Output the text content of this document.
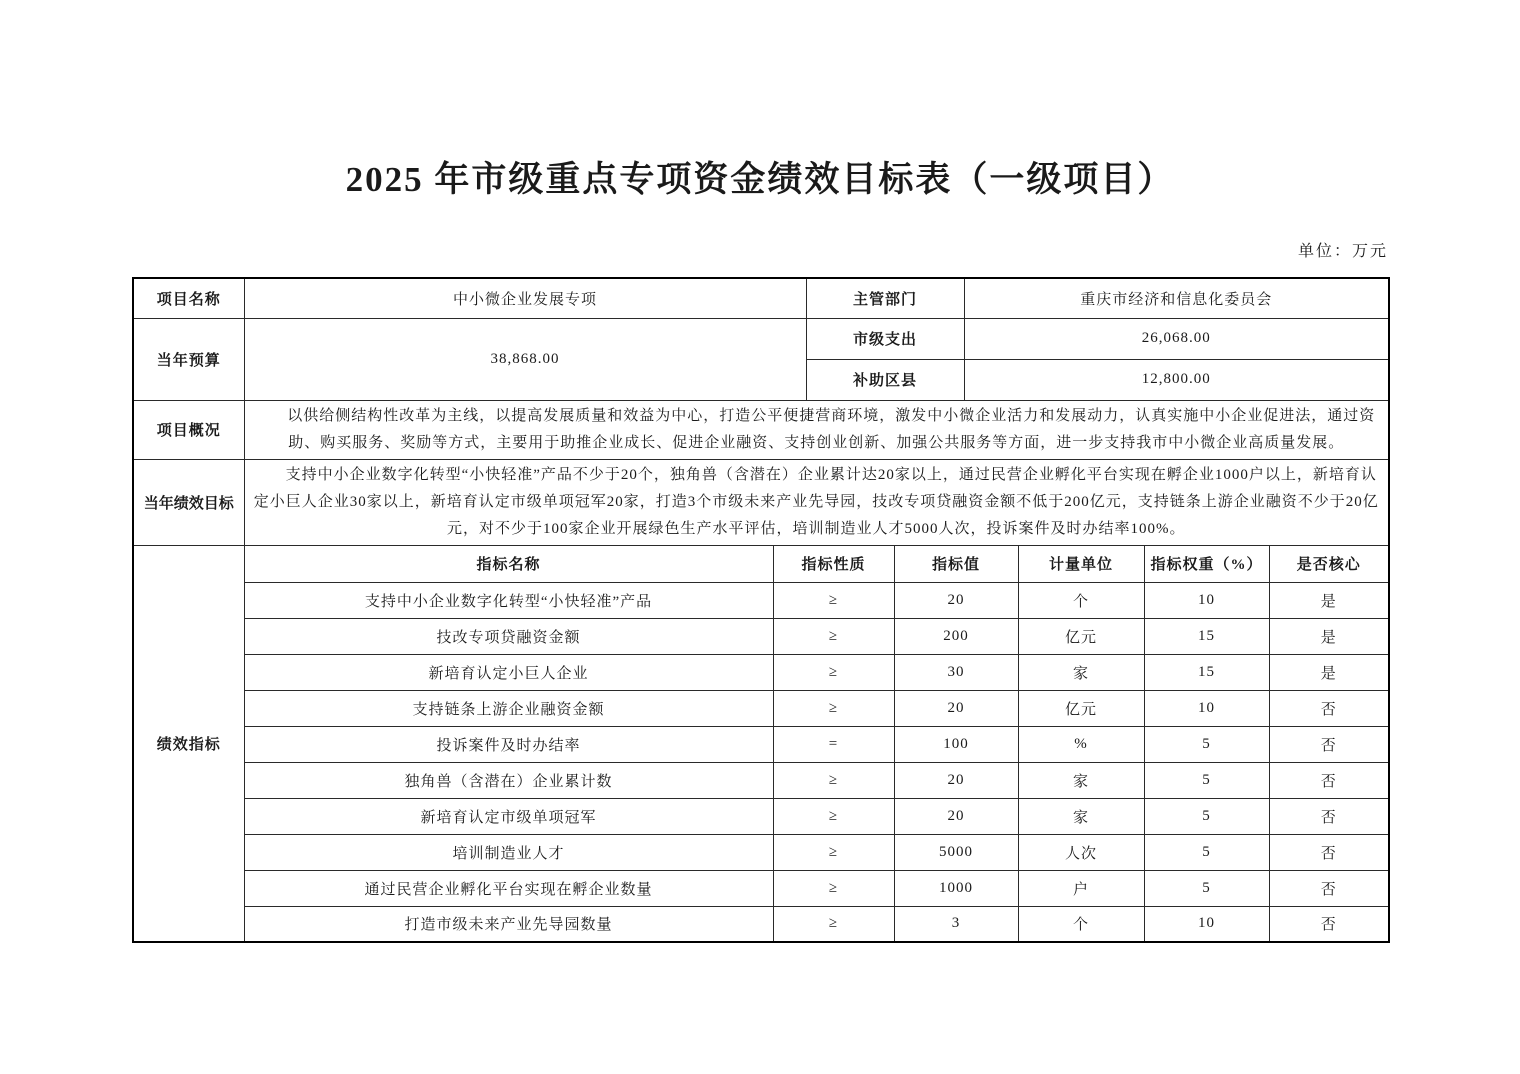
2025 年市级重点专项资金绩效目标表（一级项目）
单位：万元
项目名称	中小微企业发展专项		主管部门		重庆市经济和信息化委员会			
当年预算	38,868.00		市级支出		26,068.00			
			补助区县		12,800.00			
项目概况	以供给侧结构性改革为主线，以提高发展质量和效益为中心，打造公平便捷营商环境，激发中小微企业活力和发展动力，认真实施中小企业促进法，通过资助、购买服务、奖励等方式，主要用于助推企业成长、促进企业融资、支持创业创新、加强公共服务等方面，进一步支持我市中小微企业高质量发展。							
当年绩效目标	支持中小企业数字化转型“小快轻准”产品不少于20个，独角兽（含潜在）企业累计达20家以上，通过民营企业孵化平台实现在孵企业1000户以上，新培育认定小巨人企业30家以上，新培育认定市级单项冠军20家，打造3个市级未来产业先导园，技改专项贷融资金额不低于200亿元，支持链条上游企业融资不少于20亿元，对不少于100家企业开展绿色生产水平评估，培训制造业人才5000人次，投诉案件及时办结率100%。							
绩效指标	指标名称	指标性质		指标值		计量单位	指标权重（%）	是否核心
	支持中小企业数字化转型“小快轻准”产品	≥		20		个	10	是
	技改专项贷融资金额	≥		200		亿元	15	是
	新培育认定小巨人企业	≥		30		家	15	是
	支持链条上游企业融资金额	≥		20		亿元	10	否
	投诉案件及时办结率	=		100		%	5	否
	独角兽（含潜在）企业累计数	≥		20		家	5	否
	新培育认定市级单项冠军	≥		20		家	5	否
	培训制造业人才	≥		5000		人次	5	否
	通过民营企业孵化平台实现在孵企业数量	≥		1000		户	5	否
	打造市级未来产业先导园数量	≥		3		个	10	否
